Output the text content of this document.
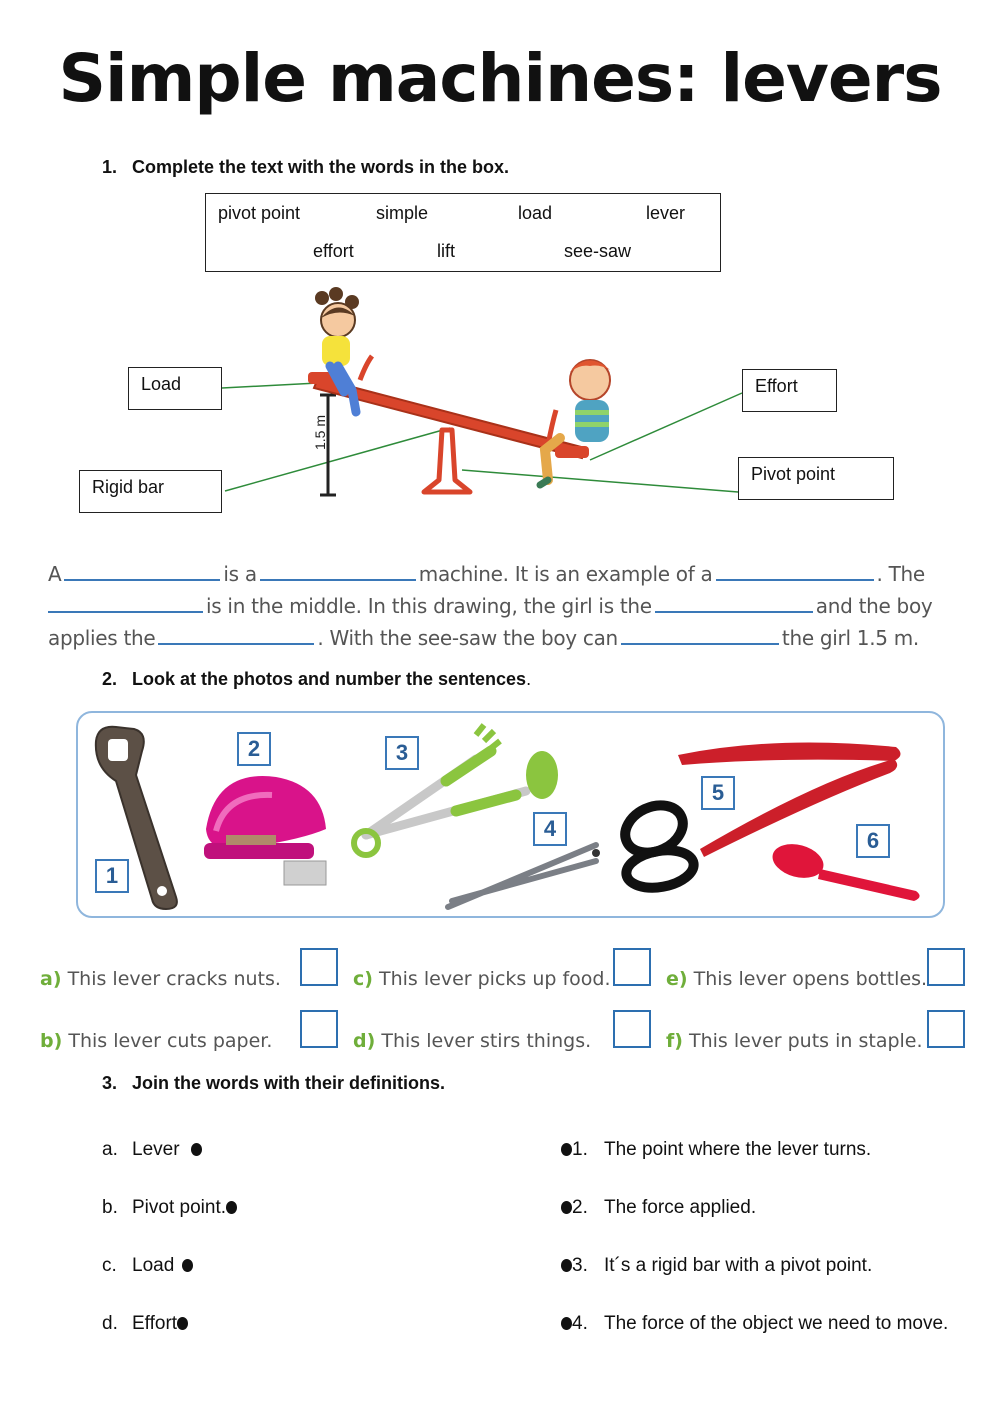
Simple machines: levers
1. Complete the text with the words in the box.
pivot point	simple	load	lever
effort	lift	see-saw
1.5 m
Load	Effort
Rigid bar
Pivot point
A	is a	machine. It is an example of a	. The
is in the middle. In this drawing, the girl is the	and the boy
applies the	. With the see-saw the boy can	the girl 1.5 m.
2. Look at the photos and number the sentences.
1
2	3
4
5
6
a) This lever cracks nuts.
b) This lever cuts paper.
c) This lever picks up food.
d) This lever stirs things.
e) This lever opens bottles.
f) This lever puts in staple.
3. Join the words with their definitions.
a. Lever
b. Pivot point.
c. Load
d. Effort
1. The point where the lever turns.
2. The force applied.
3. It´s a rigid bar with a pivot point.
4. The force of the object we need to move.
